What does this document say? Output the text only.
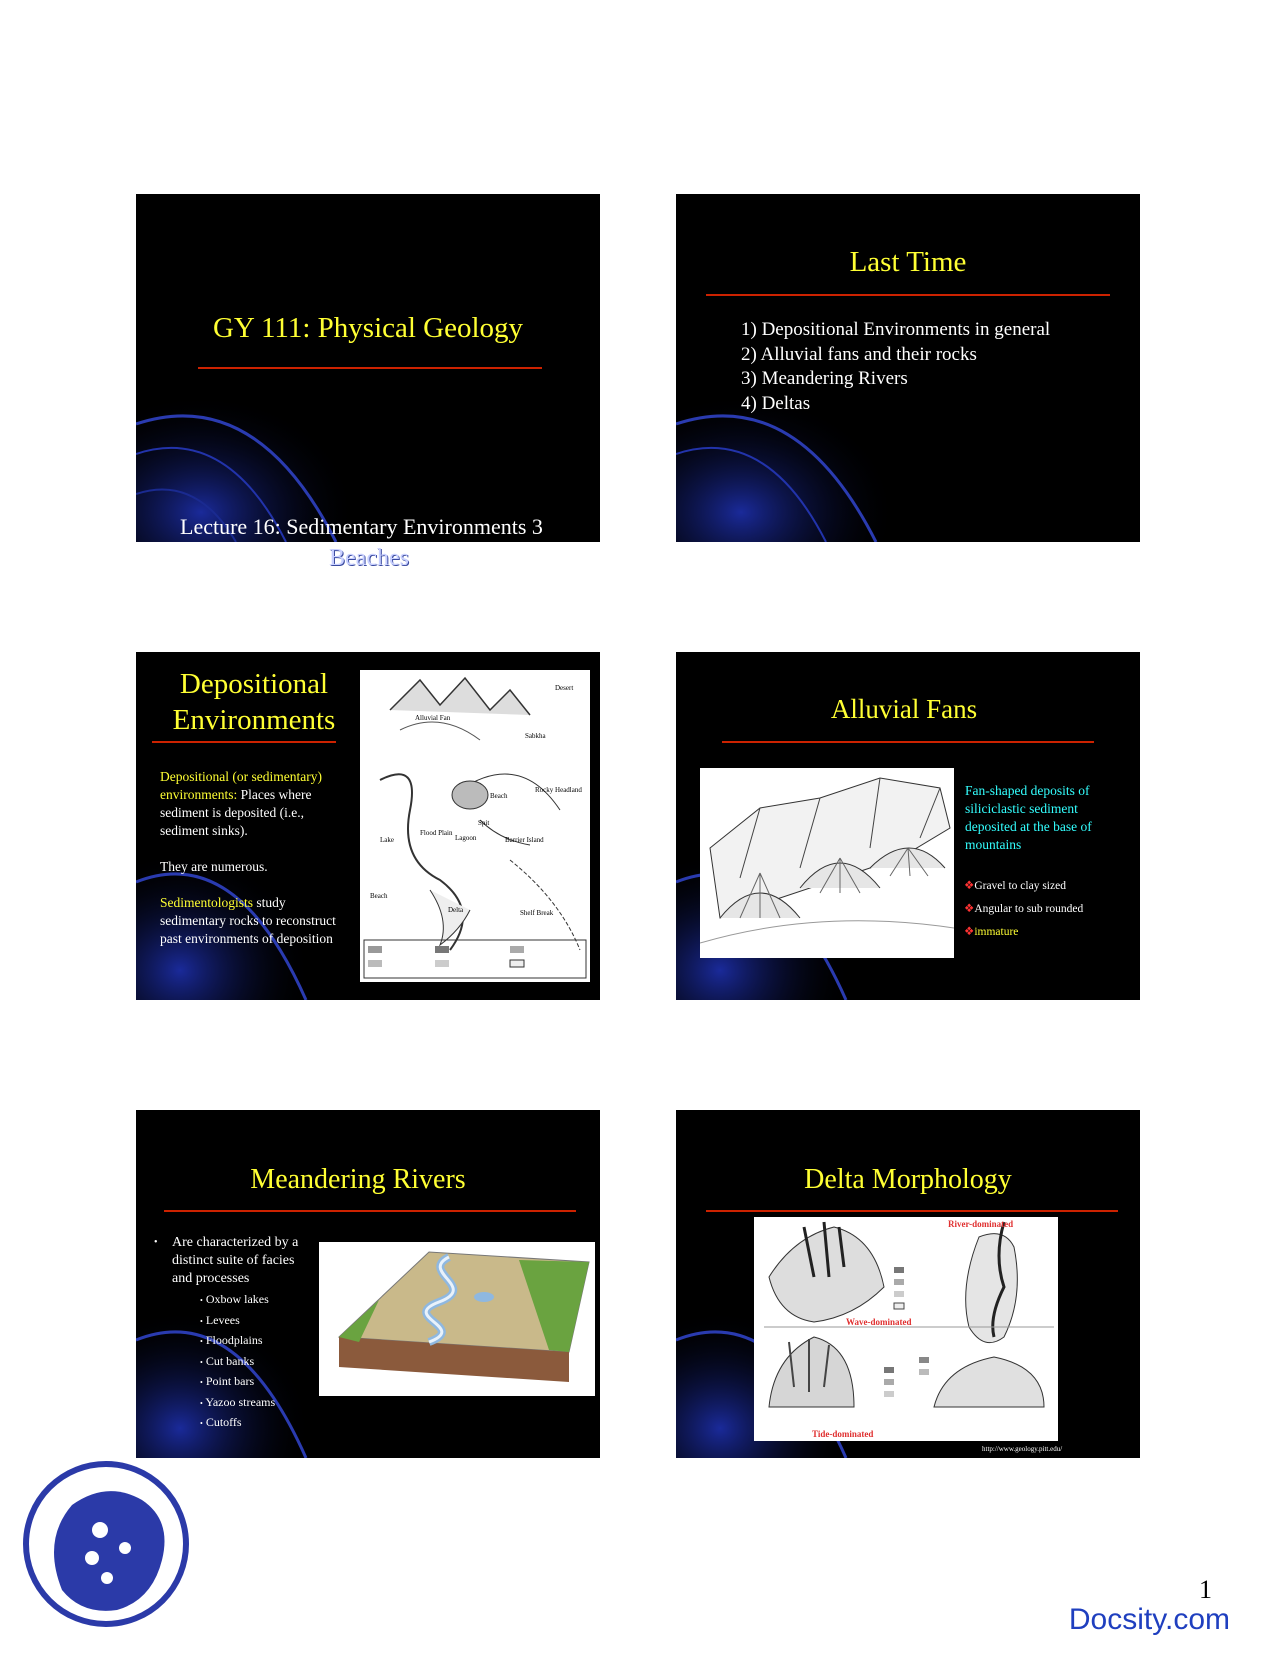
GY 111: Physical Geology
Lecture 16: Sedimentary Environments 3
Beaches
Last Time
1) Depositional Environments in general
2) Alluvial fans and their rocks
3) Meandering Rivers
4) Deltas
Depositional
Environments

Depositional (or sedimentary) environments: Places where sediment is deposited (i.e., sediment sinks).

They are numerous.

Sedimentologists study sedimentary rocks to reconstruct past environments of deposition

Desert
Alluvial Fan
Sabkha
Rocky Headland
Beach
Spit
Lagoon	Barrier Island
Lake
Flood Plain
Delta	Shelf Break
Beach
Alluvial Fans
Fan-shaped deposits of siliciclastic sediment deposited at the base of mountains
❖Gravel to clay sized
❖Angular to sub rounded
❖immature
Meandering Rivers
• Are characterized by a distinct suite of facies and processes
• Oxbow lakes
• Levees
• Floodplains
• Cut banks
• Point bars
• Yazoo streams
• Cutoffs
Delta Morphology
River-dominated
Wave-dominated
Tide-dominated
http://www.geology.pitt.edu/
1
Docsity.com
